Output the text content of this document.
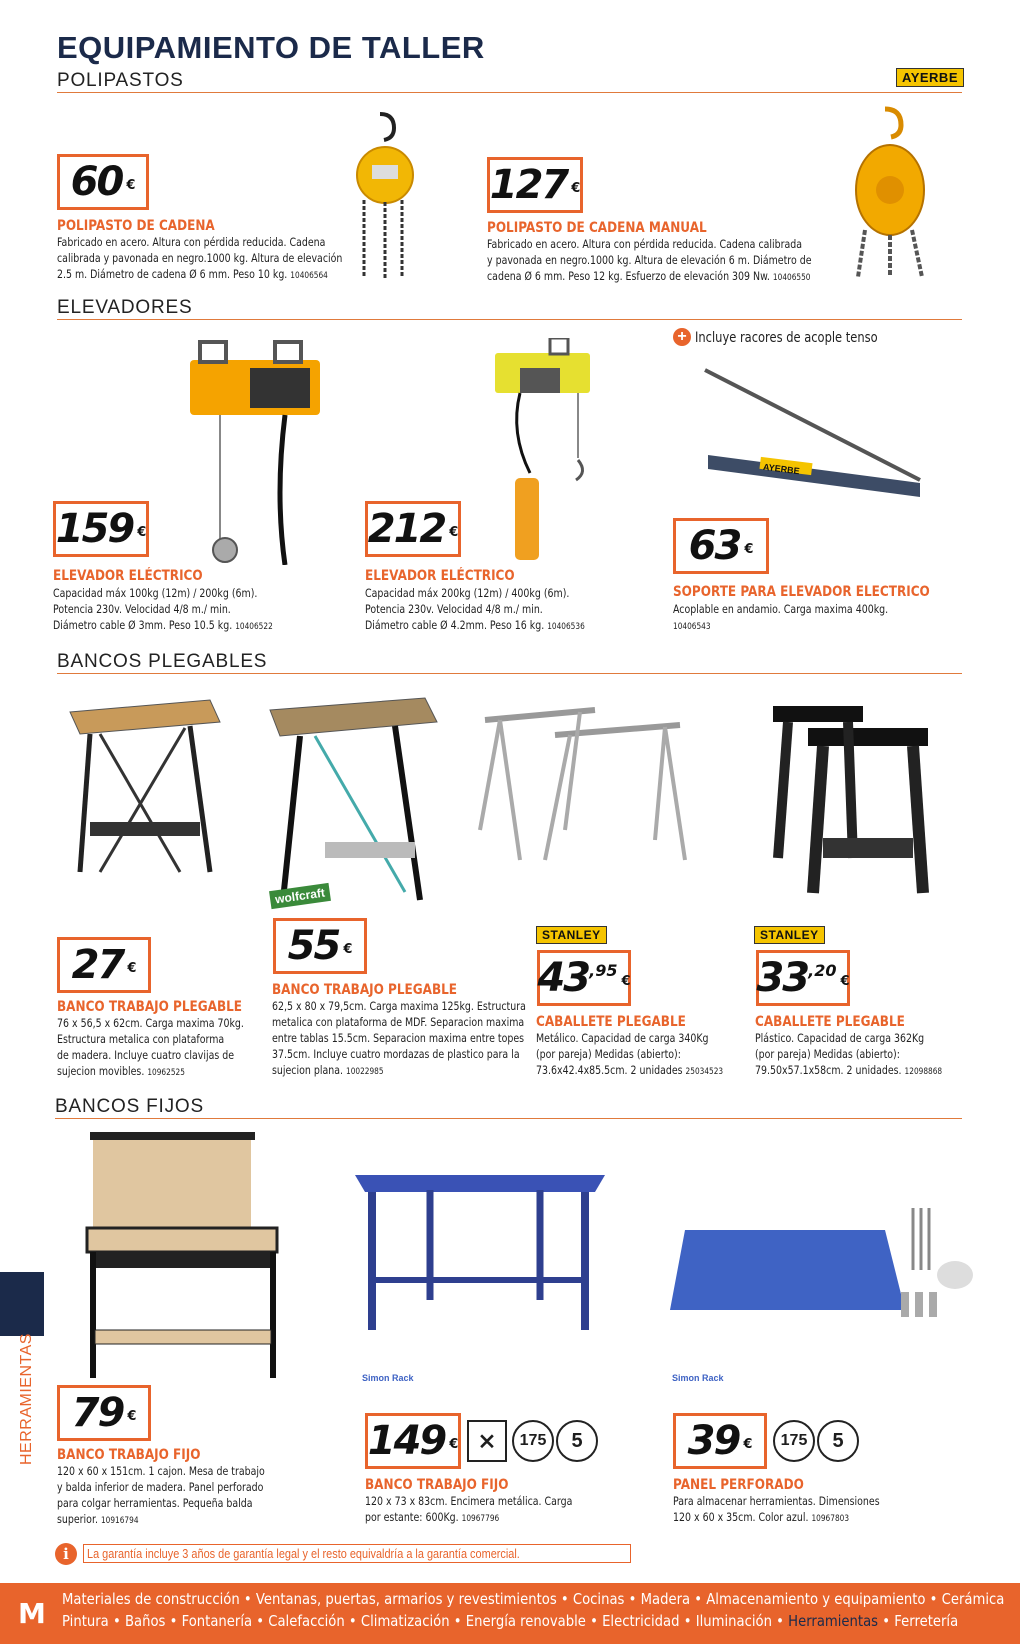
EQUIPAMIENTO DE TALLER
POLIPASTOS	AYERBE
60 €
POLIPASTO DE CADENA
Fabricado en acero. Altura con pérdida reducida. Cadena
calibrada y pavonada en negro.1000 kg. Altura de elevación
2.5 m. Diámetro de cadena Ø 6 mm. Peso 10 kg. 10406564
127 €
POLIPASTO DE CADENA MANUAL
Fabricado en acero. Altura con pérdida reducida. Cadena calibrada
y pavonada en negro.1000 kg. Altura de elevación 6 m. Diámetro de
cadena Ø 6 mm. Peso 12 kg. Esfuerzo de elevación 309 Nw. 10406550
ELEVADORES
+ Incluye racores de acople tenso
AYERBE
159 €
ELEVADOR ELÉCTRICO
Capacidad máx 100kg (12m) / 200kg (6m).
Potencia 230v. Velocidad 4/8 m./ min.
Diámetro cable Ø 3mm. Peso 10.5 kg. 10406522
212 €
ELEVADOR ELÉCTRICO
Capacidad máx 200kg (12m) / 400kg (6m).
Potencia 230v. Velocidad 4/8 m./ min.
Diámetro cable Ø 4.2mm. Peso 16 kg. 10406536
63 €
SOPORTE PARA ELEVADOR ELECTRICO
Acoplable en andamio. Carga maxima 400kg.
10406543
BANCOS PLEGABLES
wolfcraft
27 €
BANCO TRABAJO PLEGABLE
76 x 56,5 x 62cm. Carga maxima 70kg.
Estructura metalica con plataforma
de madera. Incluye cuatro clavijas de
sujecion movibles. 10962525
55 €
BANCO TRABAJO PLEGABLE
62,5 x 80 x 79,5cm. Carga maxima 125kg. Estructura
metalica con plataforma de MDF. Separacion maxima
entre tablas 15.5cm. Separacion maxima entre topes
37.5cm. Incluye cuatro mordazas de plastico para la
sujecion plana. 10022985
STANLEY
43 ,95
€
CABALLETE PLEGABLE
Metálico. Capacidad de carga 340Kg
(por pareja) Medidas (abierto):
73.6x42.4x85.5cm. 2 unidades 25034523
STANLEY
33 ,20
€
CABALLETE PLEGABLE
Plástico. Capacidad de carga 362Kg
(por pareja) Medidas (abierto):
79.50x57.1x58cm. 2 unidades. 12098868
BANCOS FIJOS
79 €
BANCO TRABAJO FIJO
120 x 60 x 151cm. 1 cajon. Mesa de trabajo
y balda inferior de madera. Panel perforado
para colgar herramientas. Pequeña balda
superior. 10916794
Simon Rack
149 € ⨯	175	5
BANCO TRABAJO FIJO
120 x 73 x 83cm. Encimera metálica. Carga
por estante: 600Kg. 10967796
Simon Rack
39 €	175	5
PANEL PERFORADO
Para almacenar herramientas. Dimensiones
120 x 60 x 35cm. Color azul. 10967803
i	La garantía incluye 3 años de garantía legal y el resto equivaldría a la garantía comercial.
HERRAMIENTAS
M	Materiales de construcción • Ventanas, puertas, armarios y revestimientos • Cocinas • Madera • Almacenamiento y equipamiento • Cerámica
Pintura • Baños • Fontanería • Calefacción • Climatización • Energía renovable • Electricidad • Iluminación • Herramientas • Ferretería
